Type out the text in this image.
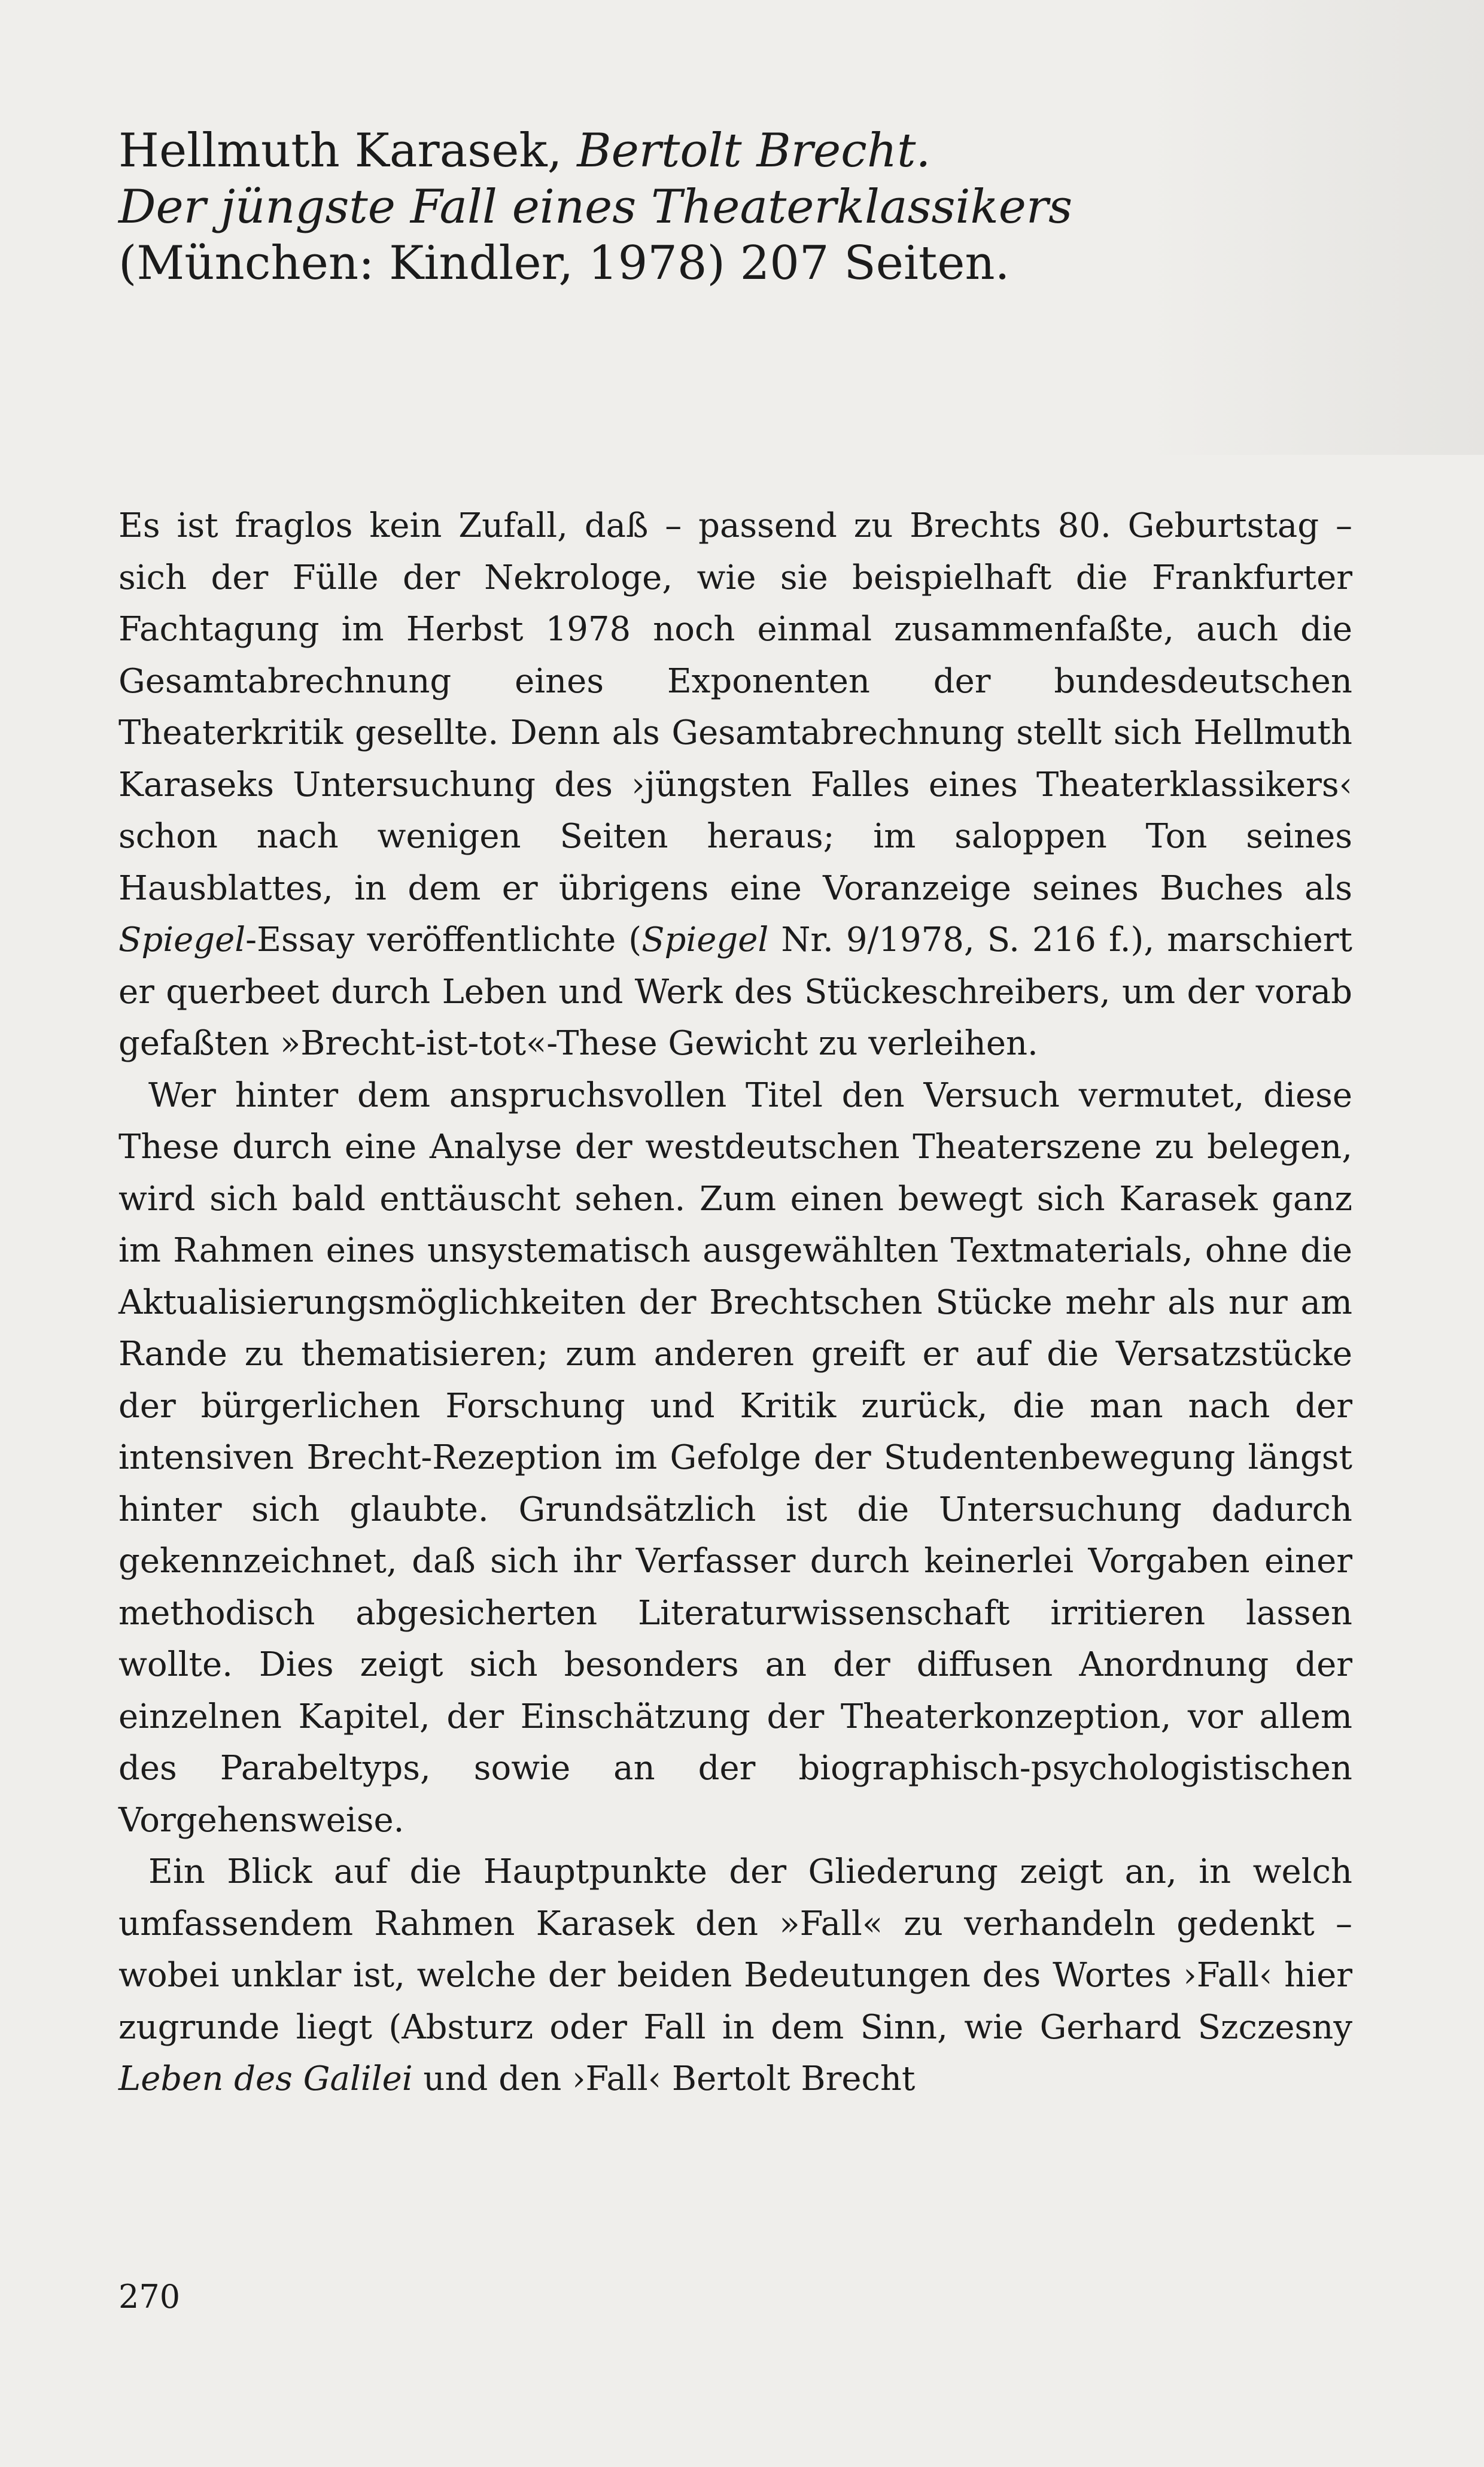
Hellmuth Karasek, Bertolt Brecht.
Der jüngste Fall eines Theaterklassikers
(München: Kindler, 1978) 207 Seiten.

Es ist fraglos kein Zufall, daß – passend zu Brechts 80. Geburtstag – sich der Fülle der Nekrologe, wie sie beispielhaft die Frankfurter Fachtagung im Herbst 1978 noch einmal zusammenfaßte, auch die Gesamtabrechnung eines Exponenten der bundesdeutschen Theaterkritik gesellte. Denn als Gesamtabrechnung stellt sich Hellmuth Karaseks Untersuchung des ›jüngsten Falles eines Theaterklassikers‹ schon nach wenigen Seiten heraus; im saloppen Ton seines Hausblattes, in dem er übrigens eine Voranzeige seines Buches als Spiegel-Essay veröffentlichte (Spiegel Nr. 9/1978, S. 216 f.), marschiert er querbeet durch Leben und Werk des Stückeschreibers, um der vorab gefaßten »Brecht-ist-tot«-These Gewicht zu verleihen.

Wer hinter dem anspruchsvollen Titel den Versuch vermutet, diese These durch eine Analyse der westdeutschen Theaterszene zu belegen, wird sich bald enttäuscht sehen. Zum einen bewegt sich Karasek ganz im Rahmen eines unsystematisch ausgewählten Textmaterials, ohne die Aktualisierungsmöglichkeiten der Brechtschen Stücke mehr als nur am Rande zu thematisieren; zum anderen greift er auf die Versatzstücke der bürgerlichen Forschung und Kritik zurück, die man nach der intensiven Brecht-Rezeption im Gefolge der Studentenbewegung längst hinter sich glaubte. Grundsätzlich ist die Untersuchung dadurch gekennzeichnet, daß sich ihr Verfasser durch keinerlei Vorgaben einer methodisch abgesicherten Literaturwissenschaft irritieren lassen wollte. Dies zeigt sich besonders an der diffusen Anordnung der einzelnen Kapitel, der Einschätzung der Theaterkonzeption, vor allem des Parabeltyps, sowie an der biographisch-psychologistischen Vorgehensweise.

Ein Blick auf die Hauptpunkte der Gliederung zeigt an, in welch umfassendem Rahmen Karasek den »Fall« zu verhandeln gedenkt – wobei unklar ist, welche der beiden Bedeutungen des Wortes ›Fall‹ hier zugrunde liegt (Absturz oder Fall in dem Sinn, wie Gerhard Szczesny Leben des Galilei und den ›Fall‹ Bertolt Brecht

270
